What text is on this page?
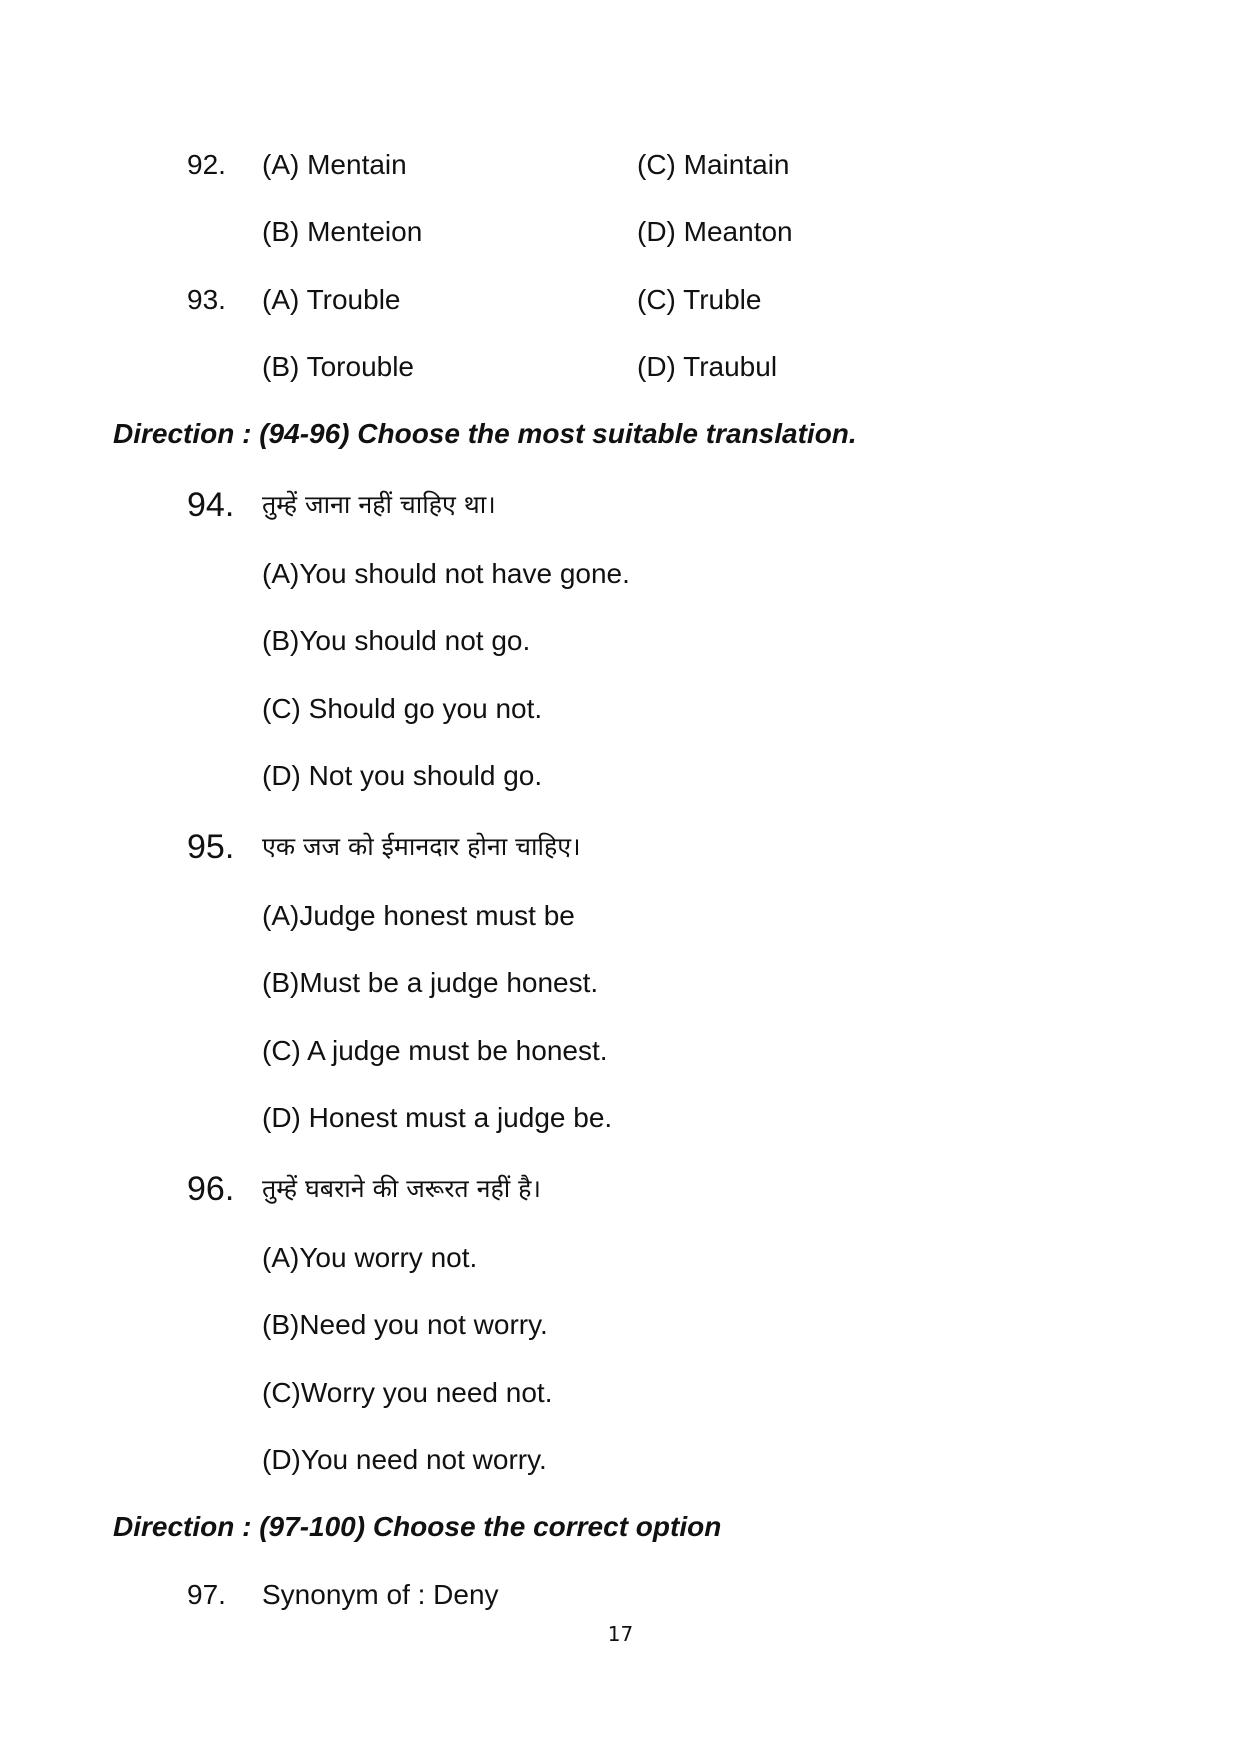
92. (A) Mentain	(C) Maintain
(B) Menteion	(D) Meanton
93. (A) Trouble	(C) Truble
(B) Torouble	(D) Traubul
Direction : (94-96) Choose the most suitable translation.
94. तुम्हें जाना नहीं चाहिए था।
(A)You should not have gone.
(B)You should not go.
(C) Should go you not.
(D) Not you should go.
95. एक जज को ईमानदार होना चाहिए।
(A)Judge honest must be
(B)Must be a judge honest.
(C) A judge must be honest.
(D) Honest must a judge be.
96. तुम्हें घबराने की जरूरत नहीं है।
(A)You worry not.
(B)Need you not worry.
(C)Worry you need not.
(D)You need not worry.
Direction : (97-100) Choose the correct option
97. Synonym of : Deny
17
